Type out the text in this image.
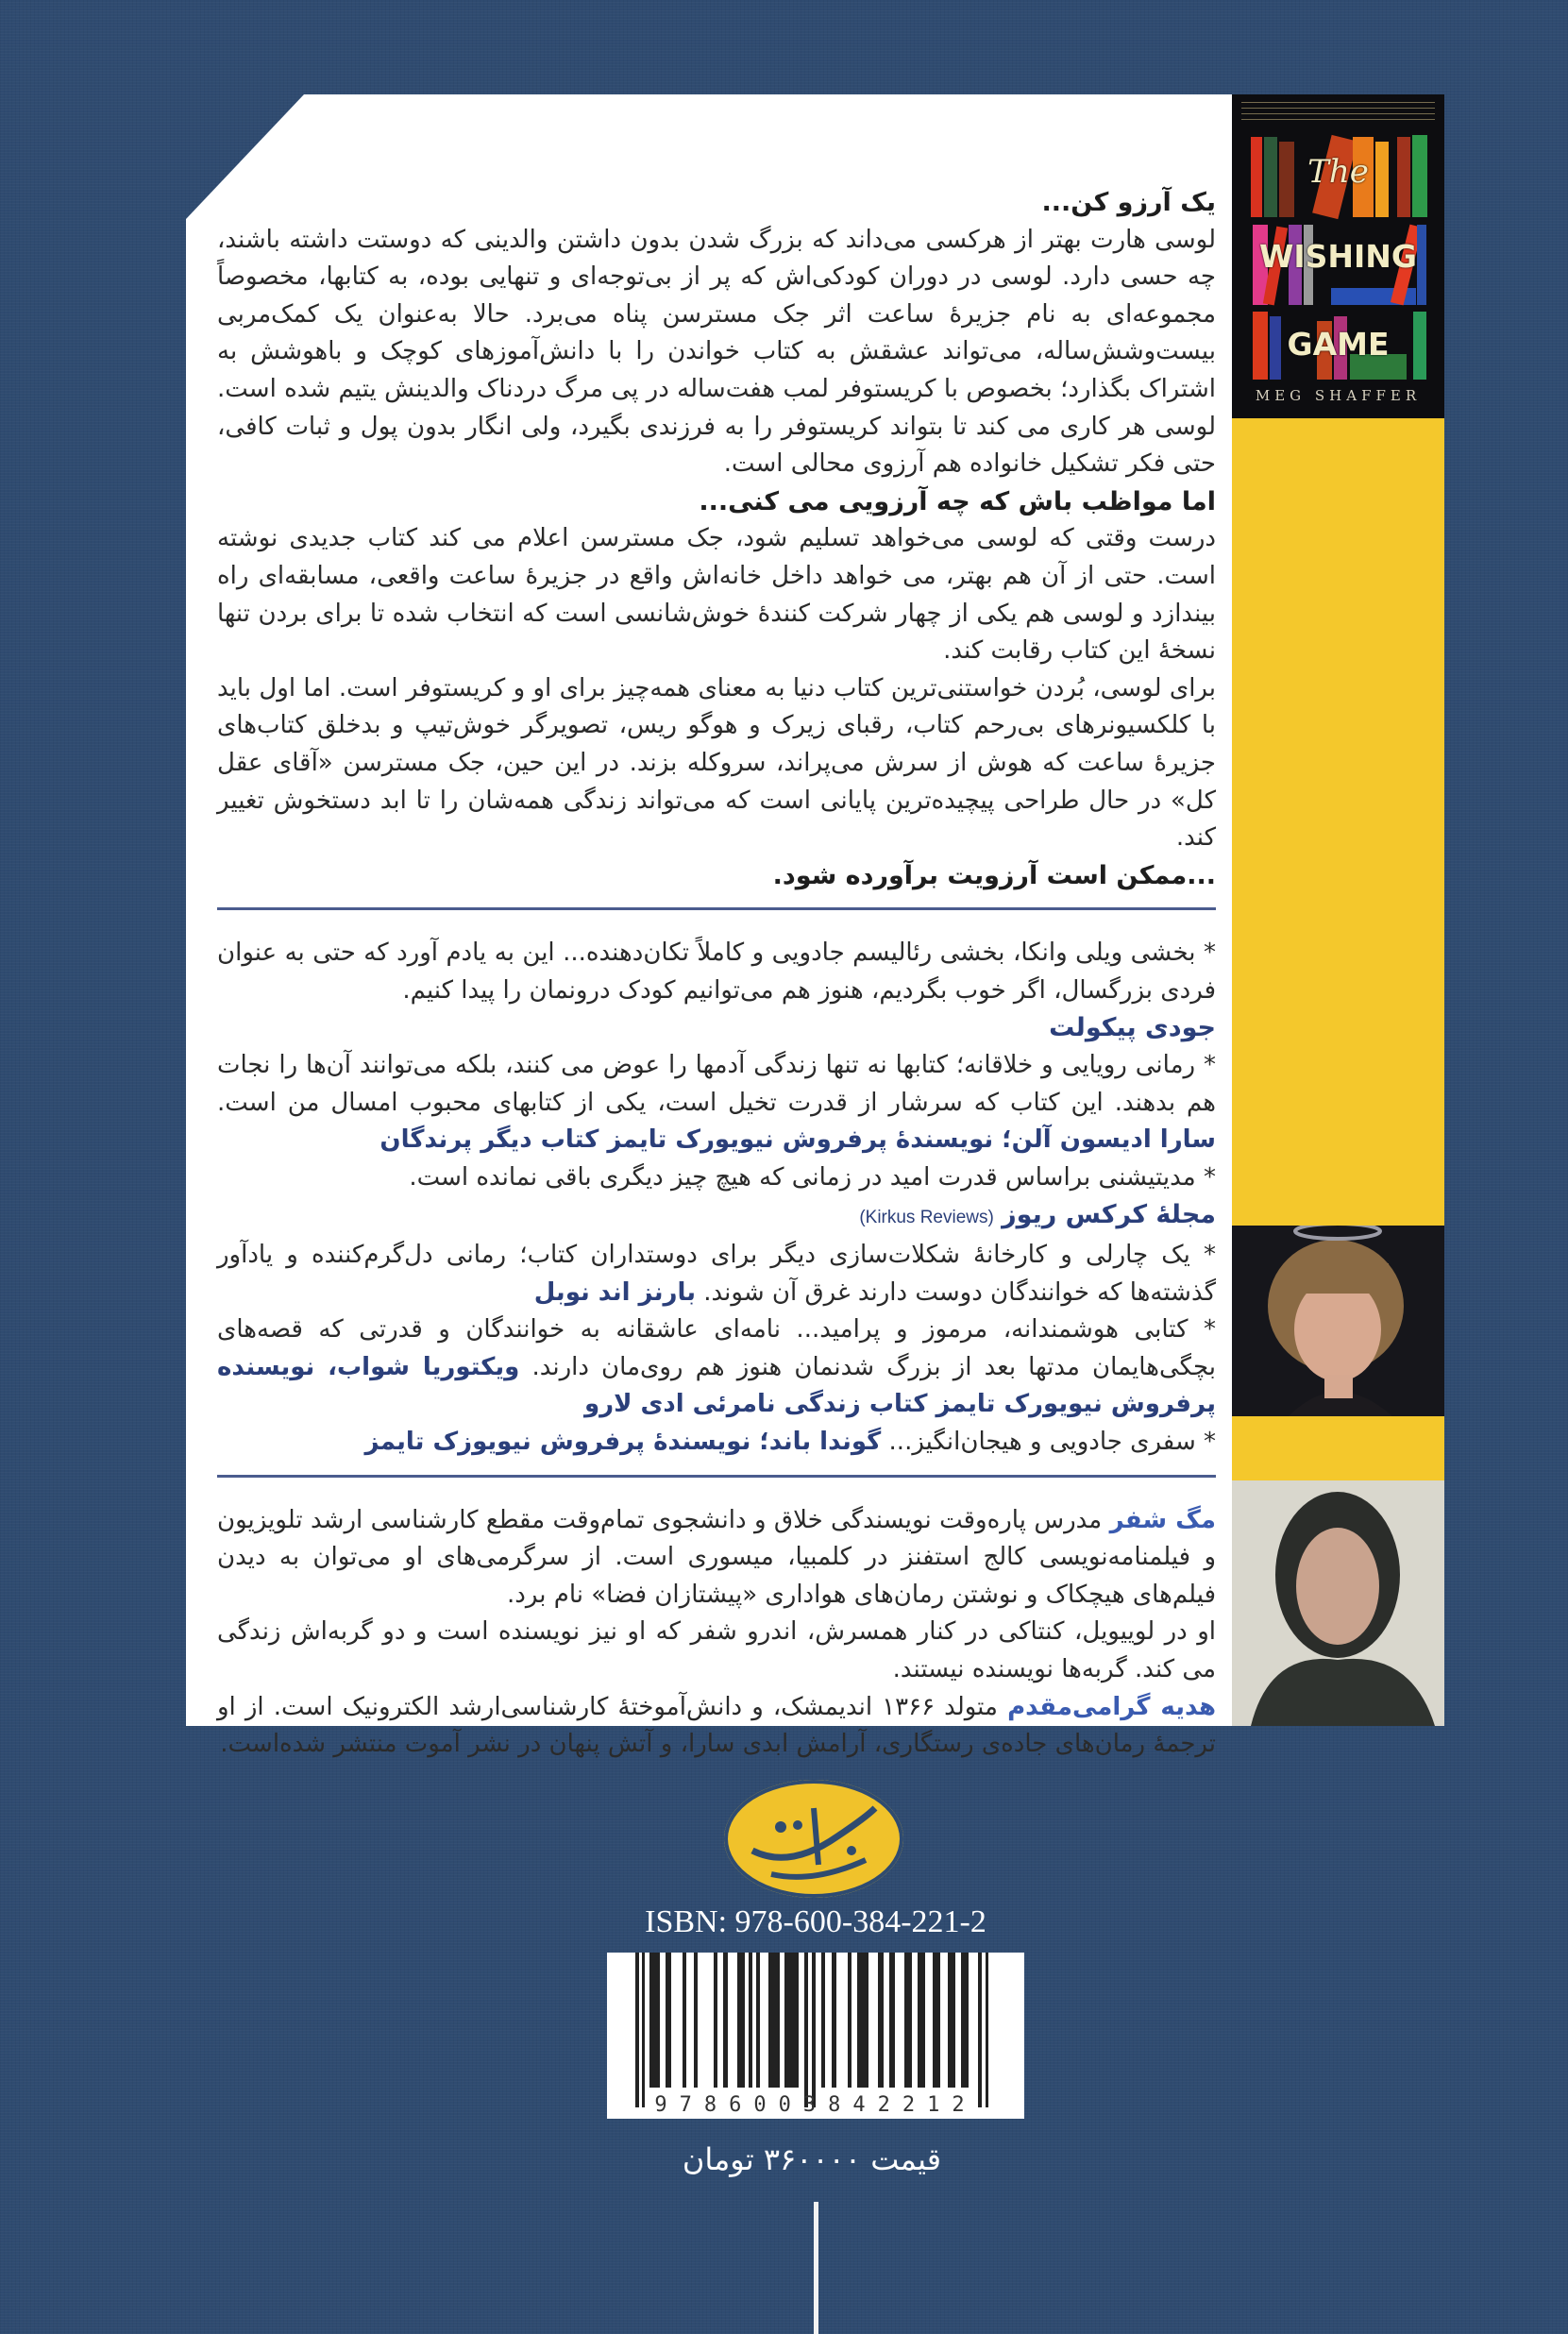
The
WISHING
GAME
MEG SHAFFER

یک آرزو کن...

لوسی هارت بهتر از هرکسی می‌داند که بزرگ شدن بدون داشتن والدینی که دوستت داشته باشند، چه حسی دارد. لوسی در دوران کودکی‌اش که پر از بی‌توجه‌ای و تنهایی بوده، به کتابها، مخصوصاً مجموعه‌ای به نام جزیرهٔ ساعت اثر جک مسترسن پناه می‌برد. حالا به‌عنوان یک کمک‌مربی بیست‌وشش‌ساله، می‌تواند عشقش به کتاب خواندن را با دانش‌آموزهای کوچک و باهوشش به اشتراک بگذارد؛ بخصوص با کریستوفر لمب هفت‌ساله در پی مرگ دردناک والدینش یتیم شده است. لوسی هر کاری می کند تا بتواند کریستوفر را به فرزندی بگیرد، ولی انگار بدون پول و ثبات کافی، حتی فکر تشکیل خانواده هم آرزوی محالی است.

اما مواظب باش که چه آرزویی می کنی...

درست وقتی که لوسی می‌خواهد تسلیم شود، جک مسترسن اعلام می کند کتاب جدیدی نوشته است. حتی از آن هم بهتر، می خواهد داخل خانه‌اش واقع در جزیرهٔ ساعت واقعی، مسابقه‌ای راه بیندازد و لوسی هم یکی از چهار شرکت کنندهٔ خوش‌شانسی است که انتخاب شده تا برای بردن تنها نسخهٔ این کتاب رقابت کند.

برای لوسی، بُردن خواستنی‌ترین کتاب دنیا به معنای همه‌چیز برای او و کریستوفر است. اما اول باید با کلکسیونرهای بی‌رحم کتاب، رقبای زیرک و هوگو ریس، تصویرگر خوش‌تیپ و بدخلق کتاب‌های جزیرهٔ ساعت که هوش از سرش می‌پراند، سروکله بزند. در این حین، جک مسترسن «آقای عقل کل» در حال طراحی پیچیده‌ترین پایانی است که می‌تواند زندگی همه‌شان را تا ابد دستخوش تغییر کند.

...ممکن است آرزویت برآورده شود.

* بخشی ویلی وانکا، بخشی رئالیسم جادویی و کاملاً تکان‌دهنده... این به یادم آورد که حتی به عنوان فردی بزرگسال، اگر خوب بگردیم، هنوز هم می‌توانیم کودک درونمان را پیدا کنیم.

جودی پیکولت

* رمانی رویایی و خلاقانه؛ کتابها نه تنها زندگی آدمها را عوض می کنند، بلکه می‌توانند آن‌ها را نجات هم بدهند. این کتاب که سرشار از قدرت تخیل است، یکی از کتابهای محبوب امسال من است. سارا ادیسون آلن؛ نویسندهٔ پرفروش نیویورک تایمز کتاب دیگر پرندگان

* مدیتیشنی براساس قدرت امید در زمانی که هیچ چیز دیگری باقی نمانده است.

مجلهٔ کرکس ریوز (Kirkus Reviews)

* یک چارلی و کارخانهٔ شکلات‌سازی دیگر برای دوستداران کتاب؛ رمانی دل‌گرم‌کننده و یادآور گذشته‌ها که خوانندگان دوست دارند غرق آن شوند. بارنز اند نوبل

* کتابی هوشمندانه، مرموز و پرامید... نامه‌ای عاشقانه به خوانندگان و قدرتی که قصه‌های بچگی‌هایمان مدتها بعد از بزرگ شدنمان هنوز هم روی‌مان دارند. ویکتوریا شواب، نویسنده پرفروش نیویورک تایمز کتاب زندگی نامرئی ادی لارو

* سفری جادویی و هیجان‌انگیز... گوندا باند؛ نویسندهٔ پرفروش نیویوزک تایمز

مگ شفر مدرس پاره‌وقت نویسندگی خلاق و دانشجوی تمام‌وقت مقطع کارشناسی ارشد تلویزیون و فیلمنامه‌نویسی کالج استفنز در کلمبیا، میسوری است. از سرگرمی‌های او می‌توان به دیدن فیلم‌های هیچکاک و نوشتن رمان‌های هواداری «پیشتازان فضا» نام برد.

او در لوییویل، کنتاکی در کنار همسرش، اندرو شفر که او نیز نویسنده است و دو گربه‌اش زندگی می کند. گربه‌ها نویسنده نیستند.

هدیه گرامی‌مقدم متولد ۱۳۶۶ اندیمشک، و دانش‌آموختهٔ کارشناسی‌ارشد الکترونیک است. از او ترجمهٔ رمان‌های جاده‌ی رستگاری، آرامش ابدی سارا، و آتش پنهان در نشر آموت منتشر شده‌است.

ISBN: 978-600-384-221-2
9786003842212
قیمت ۳۶۰۰۰۰ تومان
